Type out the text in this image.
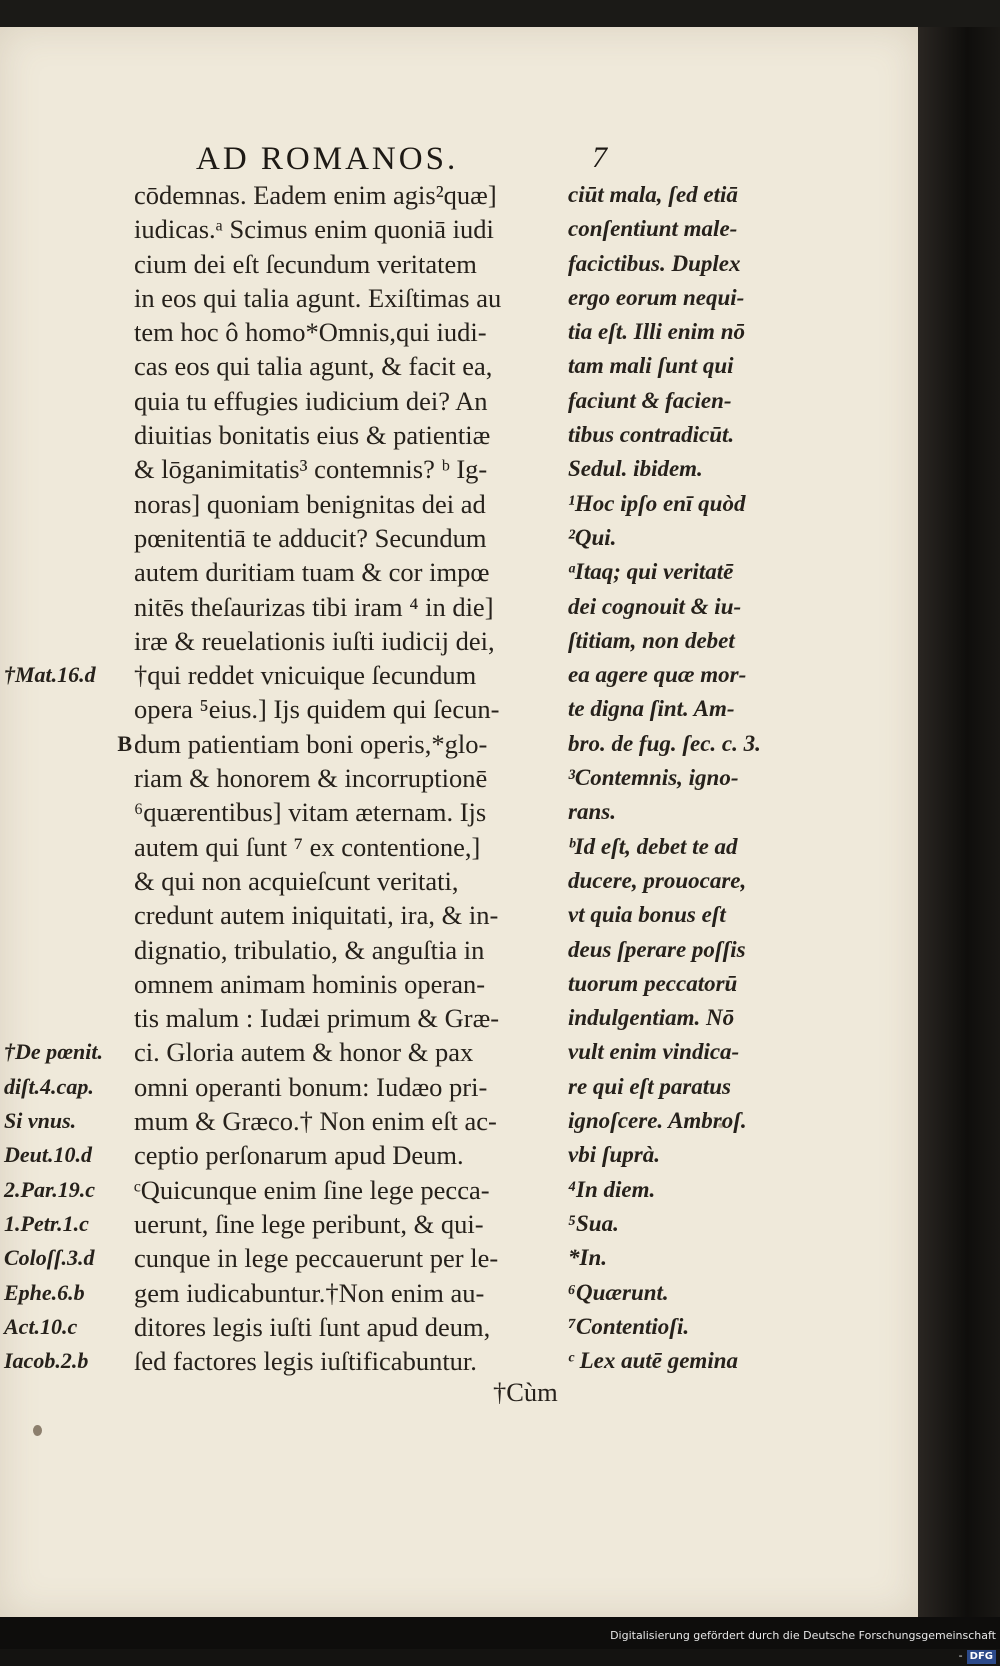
AD ROMANOS.	7
†Mat.16.d
B
†De pœnit.
diſt.4.cap.
Si vnus.
Deut.10.d
2.Par.19.c
1.Petr.1.c
Coloſſ.3.d
Ephe.6.b
Act.10.c
Iacob.2.b
cōdemnas. Eadem enim agis²quæ]
iudicas.ᵃ Scimus enim quoniā iudi
cium dei eſt ſecundum veritatem
in eos qui talia agunt. Exiſtimas au
tem hoc ô homo*Omnis,qui iudi-
cas eos qui talia agunt, & facit ea,
quia tu effugies iudicium dei? An
diuitias bonitatis eius & patientiæ
& lōganimitatis³ contemnis? ᵇ Ig-
noras] quoniam benignitas dei ad
pœnitentiā te adducit? Secundum
autem duritiam tuam & cor impœ
nitēs theſaurizas tibi iram ⁴ in die]
iræ & reuelationis iuſti iudicij dei,
†qui reddet vnicuique ſecundum
opera ⁵eius.] Ijs quidem qui ſecun-
dum patientiam boni operis,*glo-
riam & honorem & incorruptionē
⁶quærentibus] vitam æternam. Ijs
autem qui ſunt ⁷ ex contentione,]
& qui non acquieſcunt veritati,
credunt autem iniquitati, ira, & in-
dignatio, tribulatio, & anguſtia in
omnem animam hominis operan-
tis malum : Iudæi primum & Græ-
ci. Gloria autem & honor & pax
omni operanti bonum: Iudæo pri-
mum & Græco.† Non enim eſt ac-
ceptio perſonarum apud Deum.
ᶜQuicunque enim ſine lege pecca-
uerunt, ſine lege peribunt, & qui-
cunque in lege peccauerunt per le-
gem iudicabuntur.†Non enim au-
ditores legis iuſti ſunt apud deum,
ſed factores legis iuſtificabuntur.
ciūt mala, ſed etiā
conſentiunt male-
facictibus. Duplex
ergo eorum nequi-
tia eſt. Illi enim nō
tam mali ſunt qui
faciunt & facien-
tibus contradicūt.
Sedul. ibidem.
¹Hoc ipſo enī quòd
²Qui.
ᵃItaq; qui veritatē
dei cognouit & iu-
ſtitiam, non debet
ea agere quæ mor-
te digna ſint. Am-
bro. de fug. ſec. c. 3.
³Contemnis, igno-
rans.
ᵇId eſt, debet te ad
ducere, prouocare,
vt quia bonus eſt
deus ſperare poſſis
tuorum peccatorū
indulgentiam. Nō
vult enim vindica-
re qui eſt paratus
ignoſcere. Ambroſ.
vbi ſuprà.
⁴In diem.
⁵Sua.
*In.
⁶Quærunt.
⁷Contentioſi.
ᶜ Lex autē gemina
†Cùm
Digitalisierung gefördert durch die Deutsche Forschungsgemeinschaft - DFG
